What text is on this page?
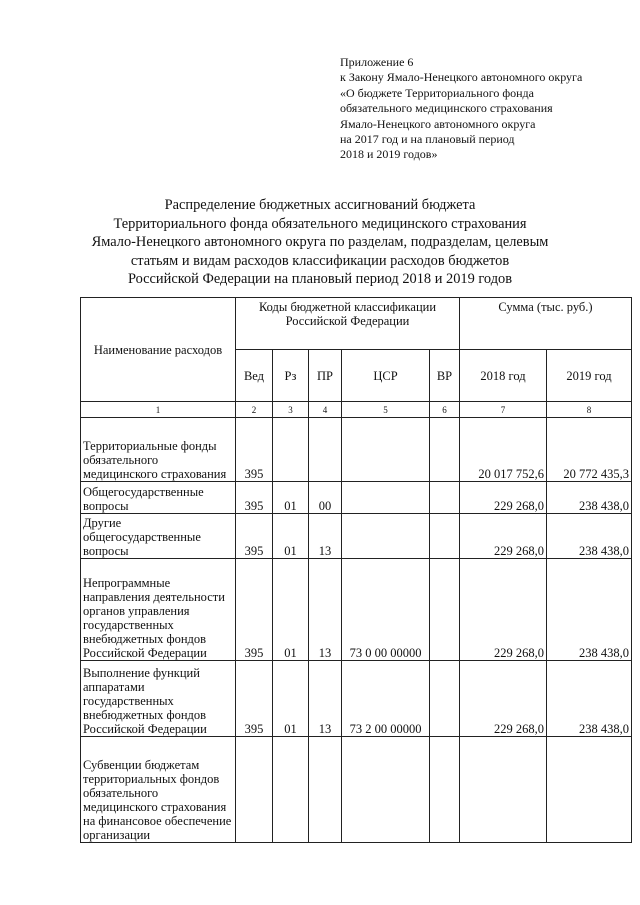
Приложение 6
к Закону Ямало-Ненецкого автономного округа
«О бюджете Территориального фонда
обязательного медицинского страхования
Ямало-Ненецкого автономного округа
на 2017 год и на плановый период
2018 и 2019 годов»
Распределение бюджетных ассигнований бюджета
Территориального фонда обязательного медицинского страхования
Ямало-Ненецкого автономного округа по разделам, подразделам, целевым
статьям и видам расходов классификации расходов бюджетов
Российской Федерации на плановый период 2018 и 2019 годов
Наименование расходов	Коды бюджетной классификации Российской Федерации					Сумма (тыс. руб.)	
	Вед	Рз	ПР	ЦСР	ВР	2018 год	2019 год
1	2	3	4	5	6	7	8
Территориальные фонды обязательного медицинского страхования	395					20 017 752,6	20 772 435,3
Общегосударственные вопросы	395	01	00			229 268,0	238 438,0
Другие общегосударственные вопросы	395	01	13			229 268,0	238 438,0
Непрограммные направления деятельности органов управления государственных внебюджетных фондов Российской Федерации	395	01	13	73 0 00 00000		229 268,0	238 438,0
Выполнение функций аппаратами государственных внебюджетных фондов Российской Федерации	395	01	13	73 2 00 00000		229 268,0	238 438,0
Субвенции бюджетам территориальных фондов обязательного медицинского страхования на финансовое обеспечение организации							
